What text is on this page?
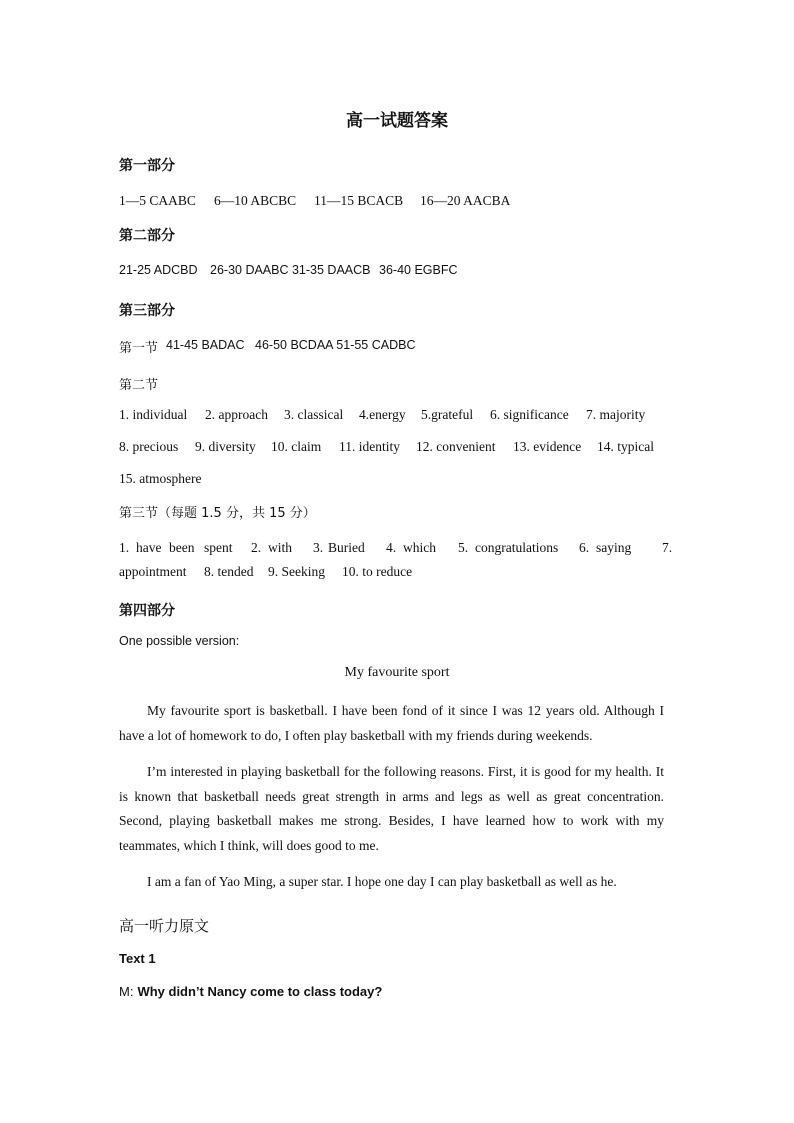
高一试题答案
第一部分
1—5 CAABC 6—10 ABCBC 11—15 BCACB 16—20 AACBA
第二部分
21-25 ADCBD 26-30 DAABC 31-35 DAACB 36-40 EGBFC
第三部分
第一节 41-45 BADAC 46-50 BCDAA 51-55 CADBC
第二节
1. individual 2. approach 3. classical 4.energy 5.grateful 6. significance 7. majority
8. precious 9. diversity 10. claim 11. identity 12. convenient 13. evidence 14. typical
15. atmosphere
第三节（每题 1.5 分，共 15 分）
1. have been spent 2. with 3. Buried 4. which 5. congratulations 6. saying 7.
appointment 8. tended 9. Seeking 10. to reduce
第四部分
One possible version:
My favourite sport

My favourite sport is basketball. I have been fond of it since I was 12 years old. Although I have a lot of homework to do, I often play basketball with my friends during weekends.

I’m interested in playing basketball for the following reasons. First, it is good for my health. It is known that basketball needs great strength in arms and legs as well as great concentration. Second, playing basketball makes me strong. Besides, I have learned how to work with my teammates, which I think, will does good to me.

I am a fan of Yao Ming, a super star. I hope one day I can play basketball as well as he.

高一听力原文
Text 1
M: Why didn’t Nancy come to class today?
